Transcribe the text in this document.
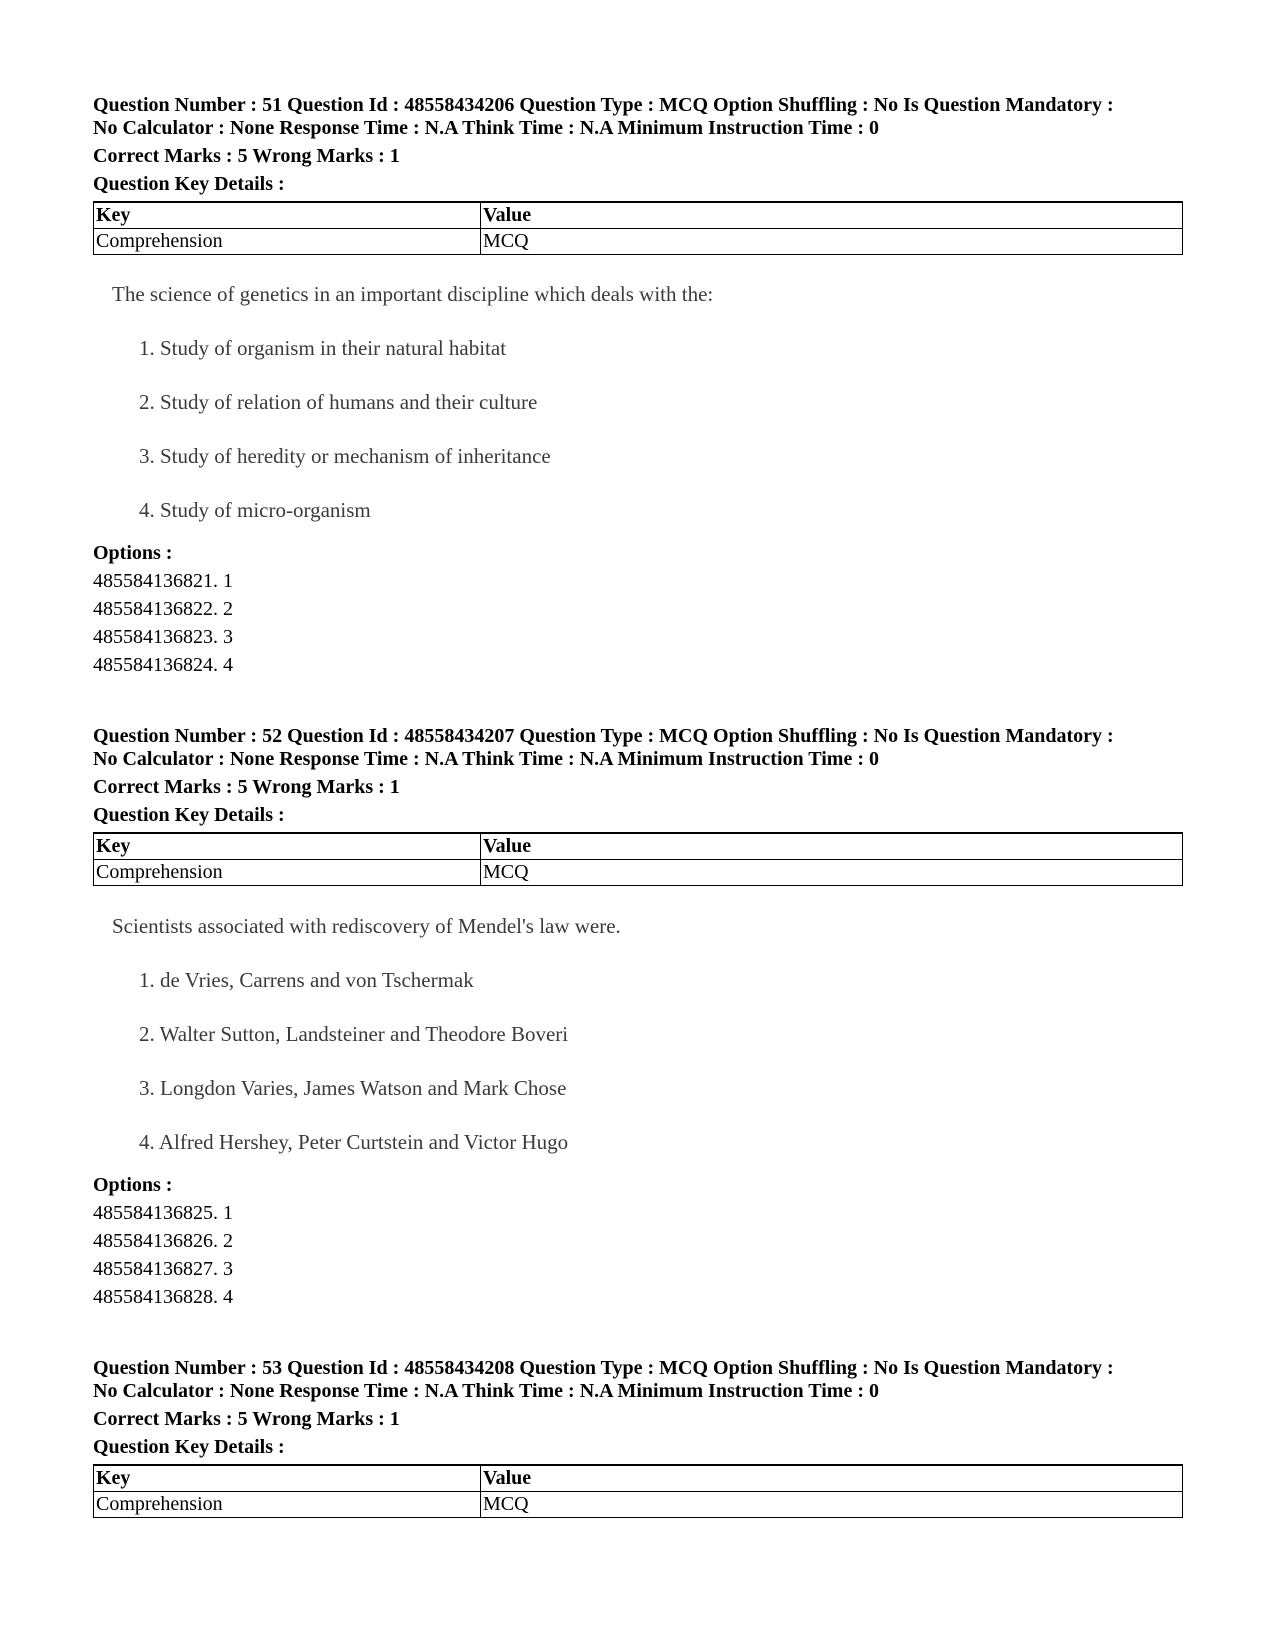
Question Number : 51 Question Id : 48558434206 Question Type : MCQ Option Shuffling : No Is Question Mandatory :

No Calculator : None Response Time : N.A Think Time : N.A Minimum Instruction Time : 0

Correct Marks : 5 Wrong Marks : 1

Question Key Details :

Key	Value
Comprehension	MCQ

The science of genetics in an important discipline which deals with the:

1. Study of organism in their natural habitat
2. Study of relation of humans and their culture
3. Study of heredity or mechanism of inheritance
4. Study of micro-organism
Options :
485584136821. 1
485584136822. 2
485584136823. 3
485584136824. 4

Question Number : 52 Question Id : 48558434207 Question Type : MCQ Option Shuffling : No Is Question Mandatory :

No Calculator : None Response Time : N.A Think Time : N.A Minimum Instruction Time : 0

Correct Marks : 5 Wrong Marks : 1

Question Key Details :

Key	Value
Comprehension	MCQ

Scientists associated with rediscovery of Mendel's law were.

1. de Vries, Carrens and von Tschermak
2. Walter Sutton, Landsteiner and Theodore Boveri
3. Longdon Varies, James Watson and Mark Chose
4. Alfred Hershey, Peter Curtstein and Victor Hugo
Options :
485584136825. 1
485584136826. 2
485584136827. 3
485584136828. 4

Question Number : 53 Question Id : 48558434208 Question Type : MCQ Option Shuffling : No Is Question Mandatory :

No Calculator : None Response Time : N.A Think Time : N.A Minimum Instruction Time : 0

Correct Marks : 5 Wrong Marks : 1

Question Key Details :

Key	Value
Comprehension	MCQ
